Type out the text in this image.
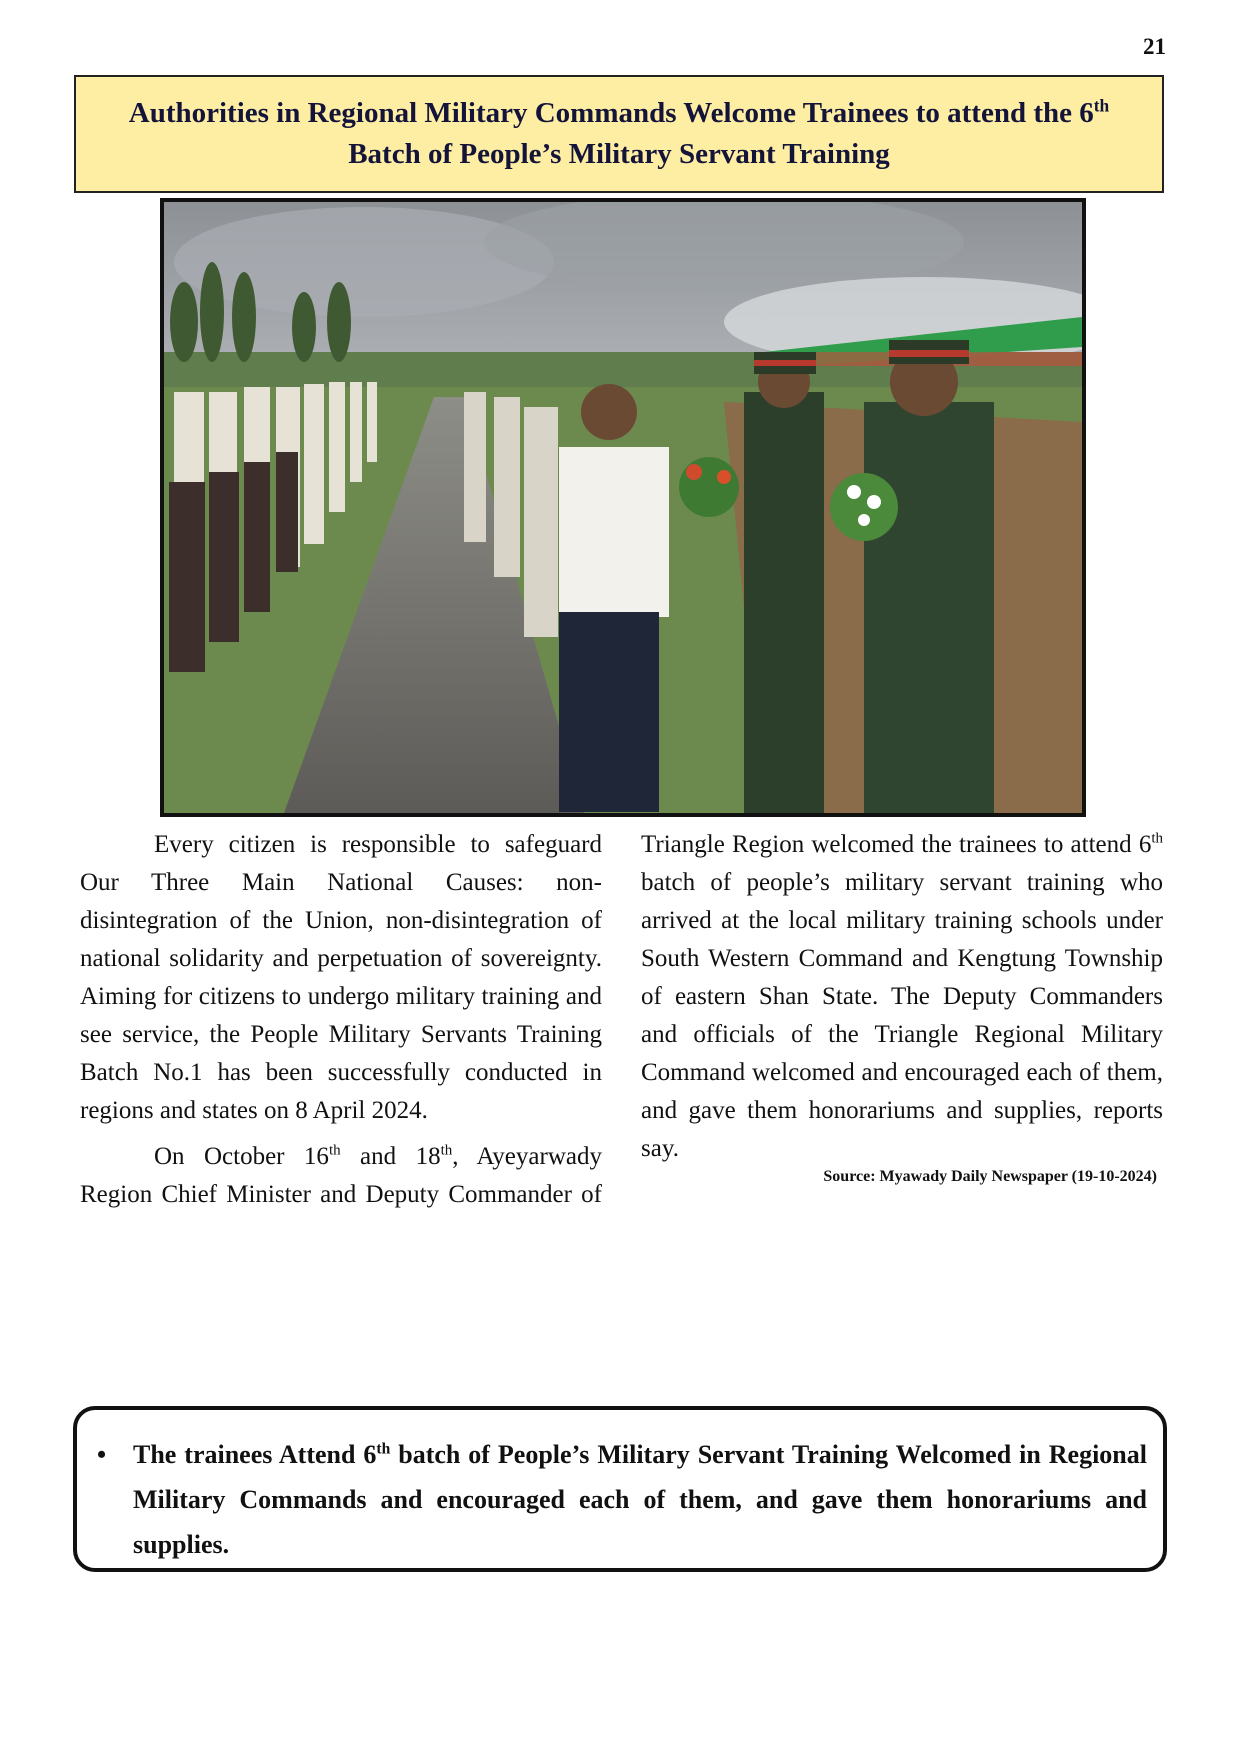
21
Authorities in Regional Military Commands Welcome Trainees to attend the 6th
Batch of People’s Military Servant Training

Every citizen is responsible to safeguard Our Three Main National Causes: non-disintegration of the Union, non-disintegration of national solidarity and perpetuation of sovereignty. Aiming for citizens to undergo military training and see service, the People Military Servants Training Batch No.1 has been successfully conducted in regions and states on 8 April 2024.

On October 16th and 18th, Ayeyarwady Region Chief Minister and Deputy Commander of Triangle Region welcomed the trainees to attend 6th batch of people’s military servant training who arrived at the local military training schools under South Western Command and Kengtung Township of eastern Shan State. The Deputy Commanders and officials of the Triangle Regional Military Command welcomed and encouraged each of them, and gave them honorariums and supplies, reports say.

Source: Myawady Daily Newspaper (19-10-2024)
• The trainees Attend 6th batch of People’s Military Servant Training Welcomed in Regional Military Commands and encouraged each of them, and gave them honorariums and supplies.
